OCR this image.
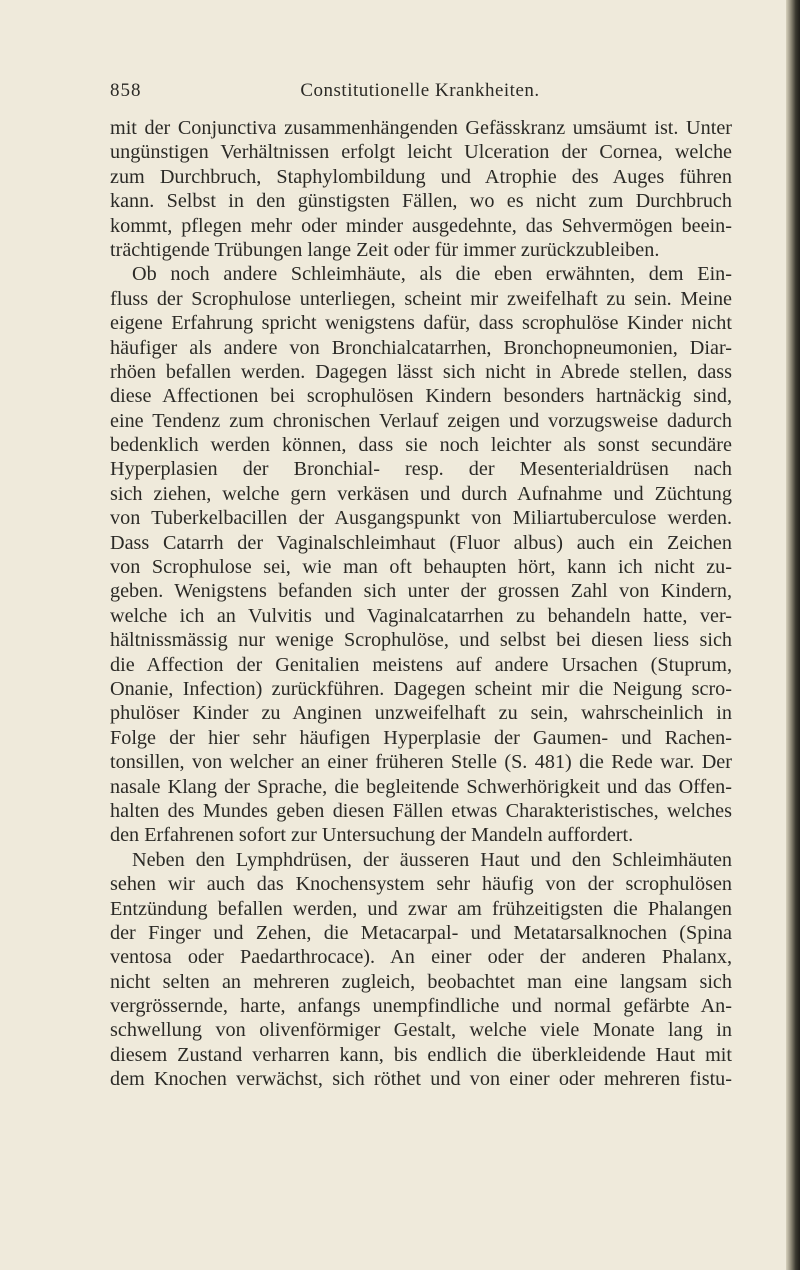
858	Constitutionelle Krankheiten.
mit der Conjunctiva zusammenhängenden Gefässkranz umsäumt ist. Unter
ungünstigen Verhältnissen erfolgt leicht Ulceration der Cornea, welche
zum Durchbruch, Staphylombildung und Atrophie des Auges führen
kann. Selbst in den günstigsten Fällen, wo es nicht zum Durchbruch
kommt, pflegen mehr oder minder ausgedehnte, das Sehvermögen beein-
trächtigende Trübungen lange Zeit oder für immer zurückzubleiben.
Ob noch andere Schleimhäute, als die eben erwähnten, dem Ein-
fluss der Scrophulose unterliegen, scheint mir zweifelhaft zu sein. Meine
eigene Erfahrung spricht wenigstens dafür, dass scrophulöse Kinder nicht
häufiger als andere von Bronchialcatarrhen, Bronchopneumonien, Diar-
rhöen befallen werden. Dagegen lässt sich nicht in Abrede stellen, dass
diese Affectionen bei scrophulösen Kindern besonders hartnäckig sind,
eine Tendenz zum chronischen Verlauf zeigen und vorzugsweise dadurch
bedenklich werden können, dass sie noch leichter als sonst secundäre
Hyperplasien der Bronchial- resp. der Mesenterialdrüsen nach
sich ziehen, welche gern verkäsen und durch Aufnahme und Züchtung
von Tuberkelbacillen der Ausgangspunkt von Miliartuberculose werden.
Dass Catarrh der Vaginalschleimhaut (Fluor albus) auch ein Zeichen
von Scrophulose sei, wie man oft behaupten hört, kann ich nicht zu-
geben. Wenigstens befanden sich unter der grossen Zahl von Kindern,
welche ich an Vulvitis und Vaginalcatarrhen zu behandeln hatte, ver-
hältnissmässig nur wenige Scrophulöse, und selbst bei diesen liess sich
die Affection der Genitalien meistens auf andere Ursachen (Stuprum,
Onanie, Infection) zurückführen. Dagegen scheint mir die Neigung scro-
phulöser Kinder zu Anginen unzweifelhaft zu sein, wahrscheinlich in
Folge der hier sehr häufigen Hyperplasie der Gaumen- und Rachen-
tonsillen, von welcher an einer früheren Stelle (S. 481) die Rede war. Der
nasale Klang der Sprache, die begleitende Schwerhörigkeit und das Offen-
halten des Mundes geben diesen Fällen etwas Charakteristisches, welches
den Erfahrenen sofort zur Untersuchung der Mandeln auffordert.
Neben den Lymphdrüsen, der äusseren Haut und den Schleimhäuten
sehen wir auch das Knochensystem sehr häufig von der scrophulösen
Entzündung befallen werden, und zwar am frühzeitigsten die Phalangen
der Finger und Zehen, die Metacarpal- und Metatarsalknochen (Spina
ventosa oder Paedarthrocace). An einer oder der anderen Phalanx,
nicht selten an mehreren zugleich, beobachtet man eine langsam sich
vergrössernde, harte, anfangs unempfindliche und normal gefärbte An-
schwellung von olivenförmiger Gestalt, welche viele Monate lang in
diesem Zustand verharren kann, bis endlich die überkleidende Haut mit
dem Knochen verwächst, sich röthet und von einer oder mehreren fistu-
